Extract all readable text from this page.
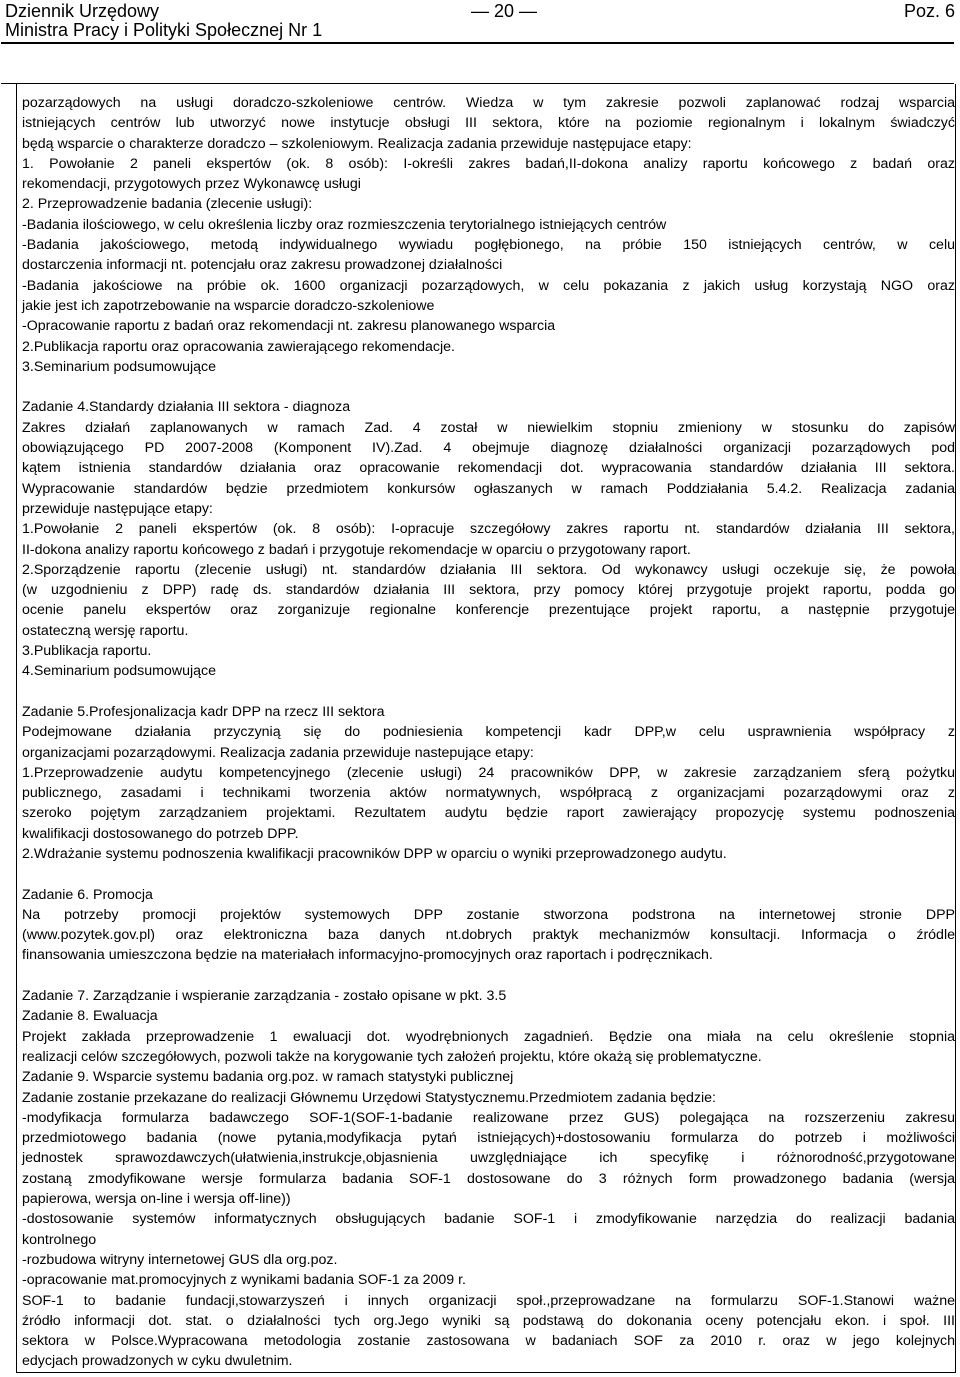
Dziennik Urzędowy	— 20 —	Poz. 6
Ministra Pracy i Polityki Społecznej Nr 1

pozarządowych na usługi doradczo-szkoleniowe centrów. Wiedza w tym zakresie pozwoli zaplanować rodzaj wsparcia

istniejących centrów lub utworzyć nowe instytucje obsługi III sektora, które na poziomie regionalnym i lokalnym świadczyć

będą wsparcie o charakterze doradczo – szkoleniowym. Realizacja zadania przewiduje następujace etapy:

1. Powołanie 2 paneli ekspertów (ok. 8 osób): I-określi zakres badań,II-dokona analizy raportu końcowego z badań oraz

rekomendacji, przygotowych przez Wykonawcę usługi

2. Przeprowadzenie badania (zlecenie usługi):

-Badania ilościowego, w celu określenia liczby oraz rozmieszczenia terytorialnego istniejących centrów

-Badania jakościowego, metodą indywidualnego wywiadu pogłębionego, na próbie 150 istniejących centrów, w celu

dostarczenia informacji nt. potencjału oraz zakresu prowadzonej działalności

-Badania jakościowe na próbie ok. 1600 organizacji pozarządowych, w celu pokazania z jakich usług korzystają NGO oraz

jakie jest ich zapotrzebowanie na wsparcie doradczo-szkoleniowe

-Opracowanie raportu z badań oraz rekomendacji nt. zakresu planowanego wsparcia

2.Publikacja raportu oraz opracowania zawierającego rekomendacje.

3.Seminarium podsumowujące

Zadanie 4.Standardy działania III sektora - diagnoza

Zakres działań zaplanowanych w ramach Zad. 4 został w niewielkim stopniu zmieniony w stosunku do zapisów

obowiązującego PD 2007-2008 (Komponent IV).Zad. 4 obejmuje diagnozę działalności organizacji pozarządowych pod

kątem istnienia standardów działania oraz opracowanie rekomendacji dot. wypracowania standardów działania III sektora.

Wypracowanie standardów będzie przedmiotem konkursów ogłaszanych w ramach Poddziałania 5.4.2. Realizacja zadania

przewiduje następujące etapy:

1.Powołanie 2 paneli ekspertów (ok. 8 osób): I-opracuje szczegółowy zakres raportu nt. standardów działania III sektora,

II-dokona analizy raportu końcowego z badań i przygotuje rekomendacje w oparciu o przygotowany raport.

2.Sporządzenie raportu (zlecenie usługi) nt. standardów działania III sektora. Od wykonawcy usługi oczekuje się, że powoła

(w uzgodnieniu z DPP) radę ds. standardów działania III sektora, przy pomocy której przygotuje projekt raportu, podda go

ocenie panelu ekspertów oraz zorganizuje regionalne konferencje prezentujące projekt raportu, a następnie przygotuje

ostateczną wersję raportu.

3.Publikacja raportu.

4.Seminarium podsumowujące

Zadanie 5.Profesjonalizacja kadr DPP na rzecz III sektora

Podejmowane działania przyczynią się do podniesienia kompetencji kadr DPP,w celu usprawnienia współpracy z

organizacjami pozarządowymi. Realizacja zadania przewiduje nastepujące etapy:

1.Przeprowadzenie audytu kompetencyjnego (zlecenie usługi) 24 pracowników DPP, w zakresie zarządzaniem sferą pożytku

publicznego, zasadami i technikami tworzenia aktów normatywnych, współpracą z organizacjami pozarządowymi oraz z

szeroko pojętym zarządzaniem projektami. Rezultatem audytu będzie raport zawierający propozycję systemu podnoszenia

kwalifikacji dostosowanego do potrzeb DPP.

2.Wdrażanie systemu podnoszenia kwalifikacji pracowników DPP w oparciu o wyniki przeprowadzonego audytu.

Zadanie 6. Promocja

Na potrzeby promocji projektów systemowych DPP zostanie stworzona podstrona na internetowej stronie DPP

(www.pozytek.gov.pl) oraz elektroniczna baza danych nt.dobrych praktyk mechanizmów konsultacji. Informacja o źródle

finansowania umieszczona będzie na materiałach informacyjno-promocyjnych oraz raportach i podręcznikach.

Zadanie 7. Zarządzanie i wspieranie zarządzania - zostało opisane w pkt. 3.5

Zadanie 8. Ewaluacja

Projekt zakłada przeprowadzenie 1 ewaluacji dot. wyodrębnionych zagadnień. Będzie ona miała na celu określenie stopnia

realizacji celów szczegółowych, pozwoli także na korygowanie tych założeń projektu, które okażą się problematyczne.

Zadanie 9. Wsparcie systemu badania org.poz. w ramach statystyki publicznej

Zadanie zostanie przekazane do realizacji Głównemu Urzędowi Statystycznemu.Przedmiotem zadania będzie:

-modyfikacja formularza badawczego SOF-1(SOF-1-badanie realizowane przez GUS) polegająca na rozszerzeniu zakresu

przedmiotowego badania (nowe pytania,modyfikacja pytań istniejących)+dostosowaniu formularza do potrzeb i możliwości

jednostek sprawozdawczych(ułatwienia,instrukcje,objasnienia uwzględniające ich specyfikę i różnorodność,przygotowane

zostaną zmodyfikowane wersje formularza badania SOF-1 dostosowane do 3 różnych form prowadzonego badania (wersja

papierowa, wersja on-line i wersja off-line))

-dostosowanie systemów informatycznych obsługujących badanie SOF-1 i zmodyfikowanie narzędzia do realizacji badania

kontrolnego

-rozbudowa witryny internetowej GUS dla org.poz.

-opracowanie mat.promocyjnych z wynikami badania SOF-1 za 2009 r.

SOF-1 to badanie fundacji,stowarzyszeń i innych organizacji społ.,przeprowadzane na formularzu SOF-1.Stanowi ważne

źródło informacji dot. stat. o działalności tych org.Jego wyniki są podstawą do dokonania oceny potencjału ekon. i społ. III

sektora w Polsce.Wypracowana metodologia zostanie zastosowana w badaniach SOF za 2010 r. oraz w jego kolejnych

edycjach prowadzonych w cyku dwuletnim.
